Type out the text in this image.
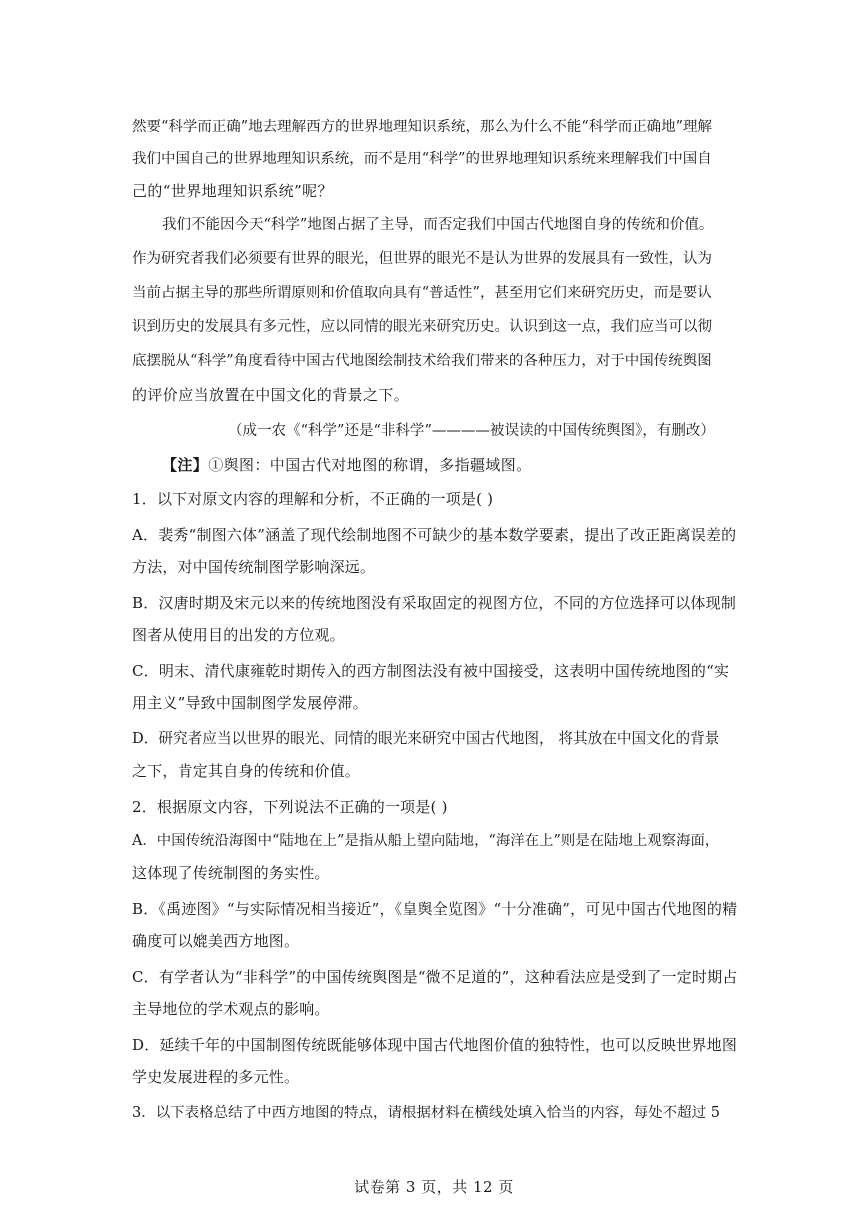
然要“科学而正确”地去理解西方的世界地理知识系统，那么为什么不能“科学而正确地”理解
我们中国自己的世界地理知识系统，而不是用“科学”的世界地理知识系统来理解我们中国自
己的“世界地理知识系统”呢？
我们不能因今天“科学”地图占据了主导，而否定我们中国古代地图自身的传统和价值。
作为研究者我们必须要有世界的眼光，但世界的眼光不是认为世界的发展具有一致性，认为
当前占据主导的那些所谓原则和价值取向具有“普适性”，甚至用它们来研究历史，而是要认
识到历史的发展具有多元性，应以同情的眼光来研究历史。认识到这一点，我们应当可以彻
底摆脱从“科学”角度看待中国古代地图绘制技术给我们带来的各种压力，对于中国传统舆图
的评价应当放置在中国文化的背景之下。
（成一农《“科学”还是“非科学”————被误读的中国传统舆图》，有删改）
【注】①舆图：中国古代对地图的称谓，多指疆域图。
1．以下对原文内容的理解和分析，不正确的一项是( )
A．裴秀“制图六体”涵盖了现代绘制地图不可缺少的基本数学要素，提出了改正距离误差的
方法，对中国传统制图学影响深远。
B．汉唐时期及宋元以来的传统地图没有采取固定的视图方位，不同的方位选择可以体现制
图者从使用目的出发的方位观。
C．明末、清代康雍乾时期传入的西方制图法没有被中国接受，这表明中国传统地图的“实
用主义”导致中国制图学发展停滞。
D．研究者应当以世界的眼光、同情的眼光来研究中国古代地图， 将其放在中国文化的背景
之下，肯定其自身的传统和价值。
2．根据原文内容，下列说法不正确的一项是( )
A．中国传统沿海图中“陆地在上”是指从船上望向陆地，“海洋在上”则是在陆地上观察海面，
这体现了传统制图的务实性。
B．《禹迹图》“与实际情况相当接近”，《皇舆全览图》“十分准确”，可见中国古代地图的精
确度可以媲美西方地图。
C．有学者认为“非科学”的中国传统舆图是“微不足道的”，这种看法应是受到了一定时期占
主导地位的学术观点的影响。
D．延续千年的中国制图传统既能够体现中国古代地图价值的独特性，也可以反映世界地图
学史发展进程的多元性。
3．以下表格总结了中西方地图的特点，请根据材料在横线处填入恰当的内容，每处不超过 5
试卷第 3 页，共 12 页
